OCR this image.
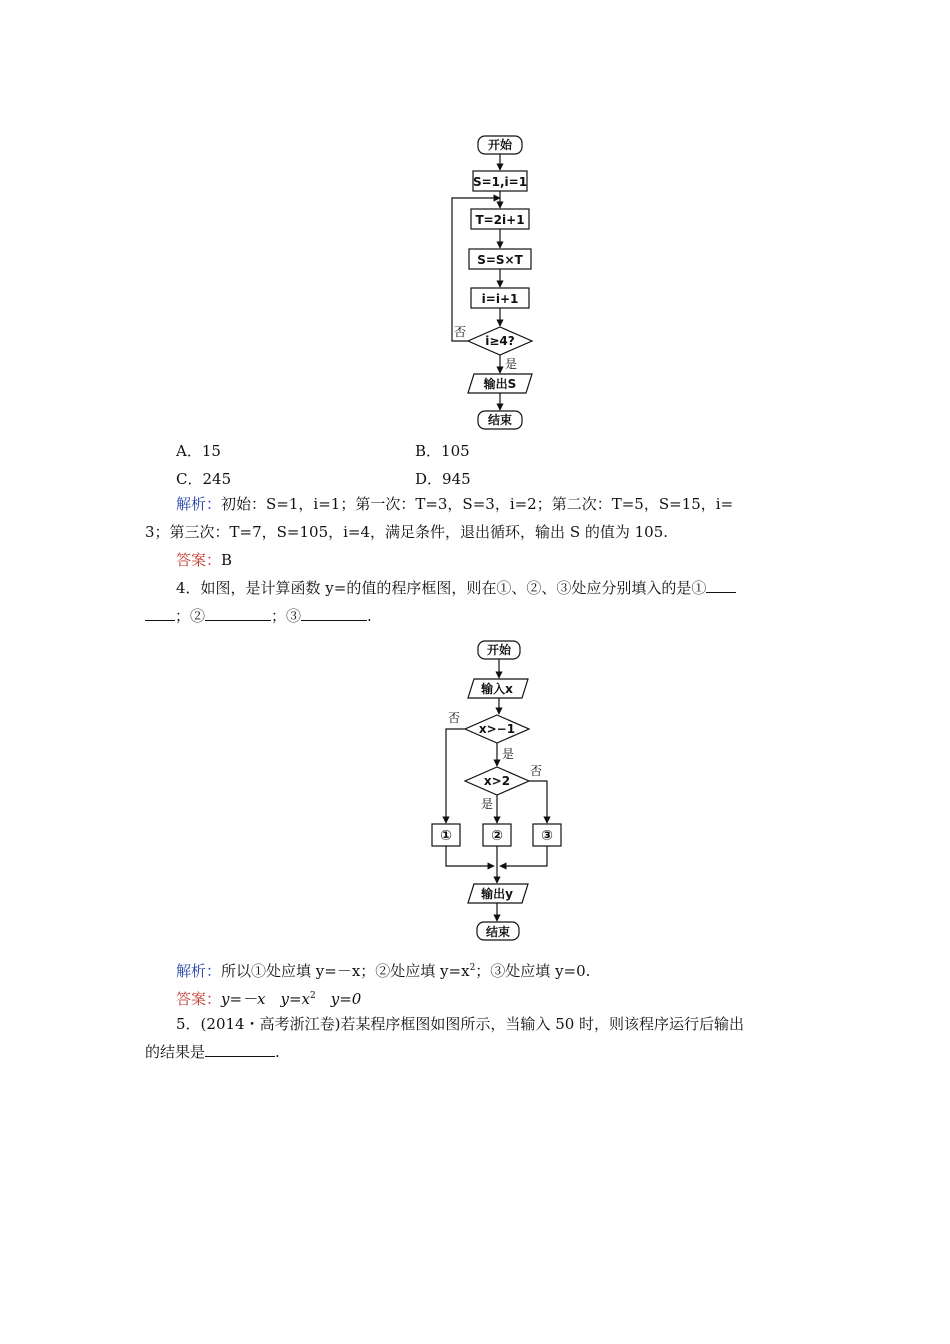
开始
S=1,i=1
T=2i+1
S=S×T
i=i+1
i≥4?
否
是
输出S
结束
A．15	B．105
C．245	D．945
解析：初始：S=1，i=1；第一次：T=3，S=3，i=2；第二次：T=5，S=15，i=
3；第三次：T=7，S=105，i=4，满足条件，退出循环，输出 S 的值为 105.
答案：B
4．如图，是计算函数 y=的值的程序框图，则在①、②、③处应分别填入的是①
；②	；③	.
开始
输入x
x>−1
x>2
否
是
否
是
①	②	③
输出y
结束
解析：所以①处应填 y=－x；②处应填 $y=x^2$；③处应填 y=0.
答案：y=－x　$y=x^2$　y=0
5．(2014・高考浙江卷)若某程序框图如图所示，当输入 50 时，则该程序运行后输出
的结果是	.
